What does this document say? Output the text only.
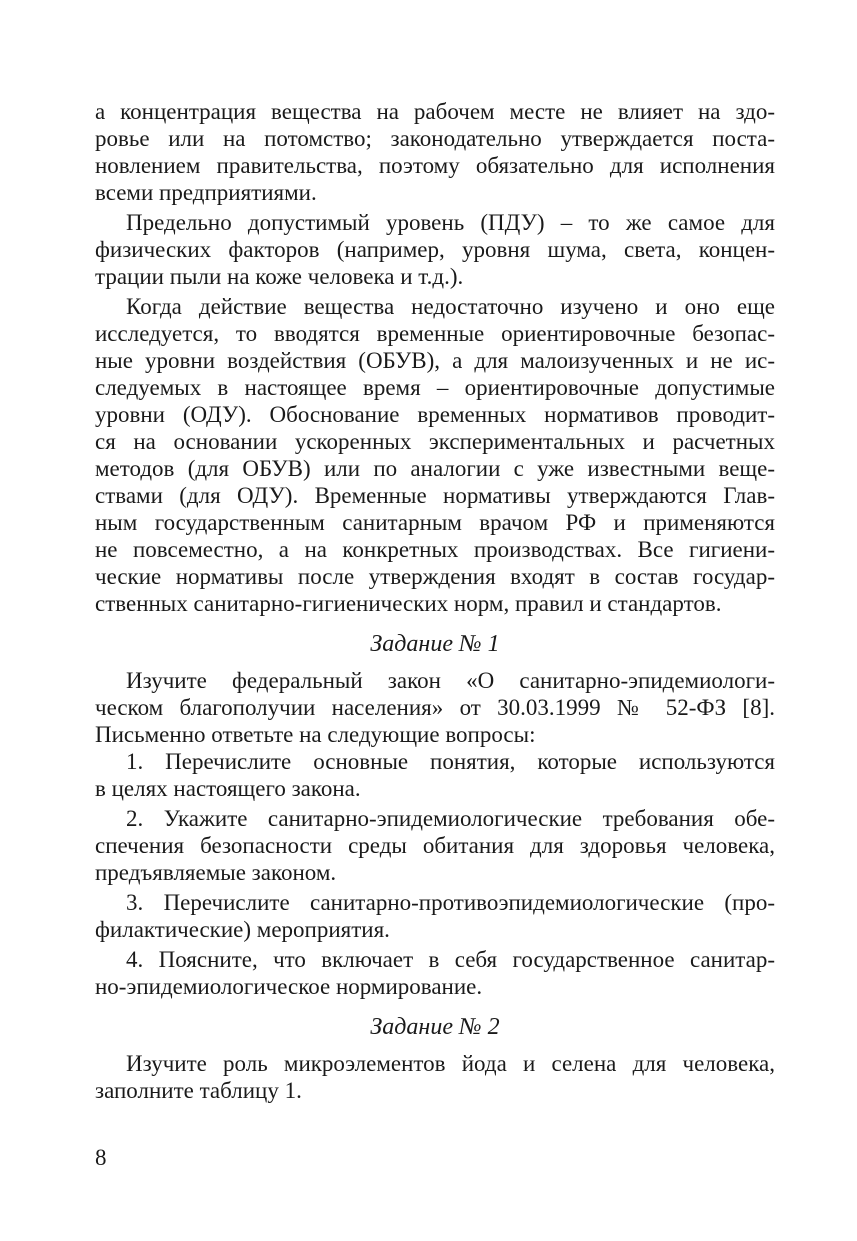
а концентрация вещества на рабочем месте не влияет на здо-
ровье или на потомство; законодательно утверждается поста-
новлением правительства, поэтому обязательно для исполнения
всеми предприятиями.
Предельно допустимый уровень (ПДУ) – то же самое для
физических факторов (например, уровня шума, света, концен-
трации пыли на коже человека и т.д.).
Когда действие вещества недостаточно изучено и оно еще
исследуется, то вводятся временные ориентировочные безопас-
ные уровни воздействия (ОБУВ), а для малоизученных и не ис-
следуемых в настоящее время – ориентировочные допустимые
уровни (ОДУ). Обоснование временных нормативов проводит-
ся на основании ускоренных экспериментальных и расчетных
методов (для ОБУВ) или по аналогии с уже известными веще-
ствами (для ОДУ). Временные нормативы утверждаются Глав-
ным государственным санитарным врачом РФ и применяются
не повсеместно, а на конкретных производствах. Все гигиени-
ческие нормативы после утверждения входят в состав государ-
ственных санитарно-гигиенических норм, правил и стандартов.
Задание № 1
Изучите федеральный закон «О санитарно-эпидемиологи-
ческом благополучии населения» от 30.03.1999 № 52-ФЗ [8].
Письменно ответьте на следующие вопросы:
1. Перечислите основные понятия, которые используются
в целях настоящего закона.
2. Укажите санитарно-эпидемиологические требования обе-
спечения безопасности среды обитания для здоровья человека,
предъявляемые законом.
3. Перечислите санитарно-противоэпидемиологические (про-
филактические) мероприятия.
4. Поясните, что включает в себя государственное санитар-
но-эпидемиологическое нормирование.
Задание № 2
Изучите роль микроэлементов йода и селена для человека,
заполните таблицу 1.
8
